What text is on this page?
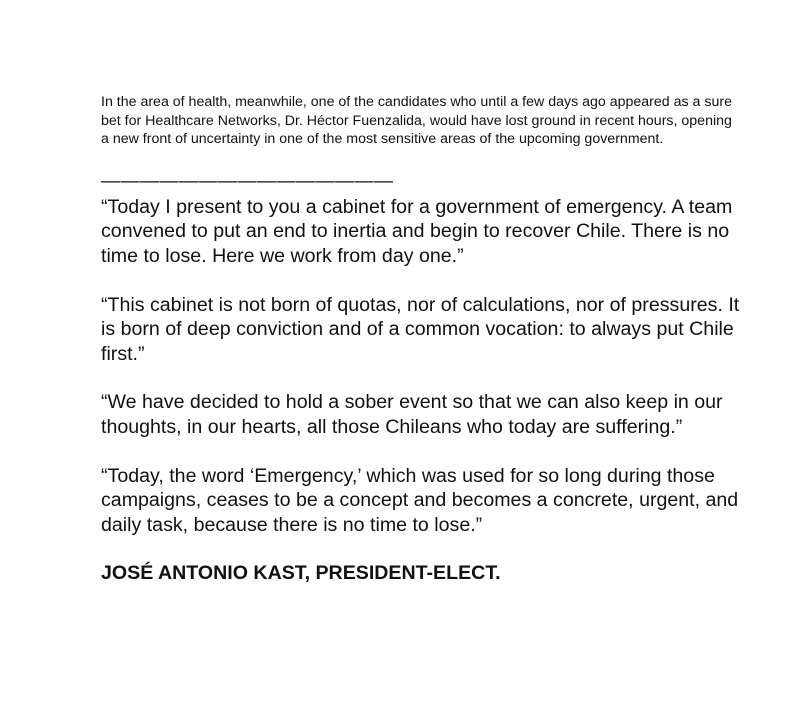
In the area of health, meanwhile, one of the candidates who until a few days ago appeared as a sure bet for Healthcare Networks, Dr. Héctor Fuenzalida, would have lost ground in recent hours, opening a new front of uncertainty in one of the most sensitive areas of the upcoming government.

———————————————

“Today I present to you a cabinet for a government of emergency. A team convened to put an end to inertia and begin to recover Chile. There is no time to lose. Here we work from day one.”

“This cabinet is not born of quotas, nor of calculations, nor of pressures. It is born of deep conviction and of a common vocation: to always put Chile first.”

“We have decided to hold a sober event so that we can also keep in our thoughts, in our hearts, all those Chileans who today are suffering.”

“Today, the word ‘Emergency,’ which was used for so long during those campaigns, ceases to be a concept and becomes a concrete, urgent, and daily task, because there is no time to lose.”

JOSÉ ANTONIO KAST, PRESIDENT-ELECT.
